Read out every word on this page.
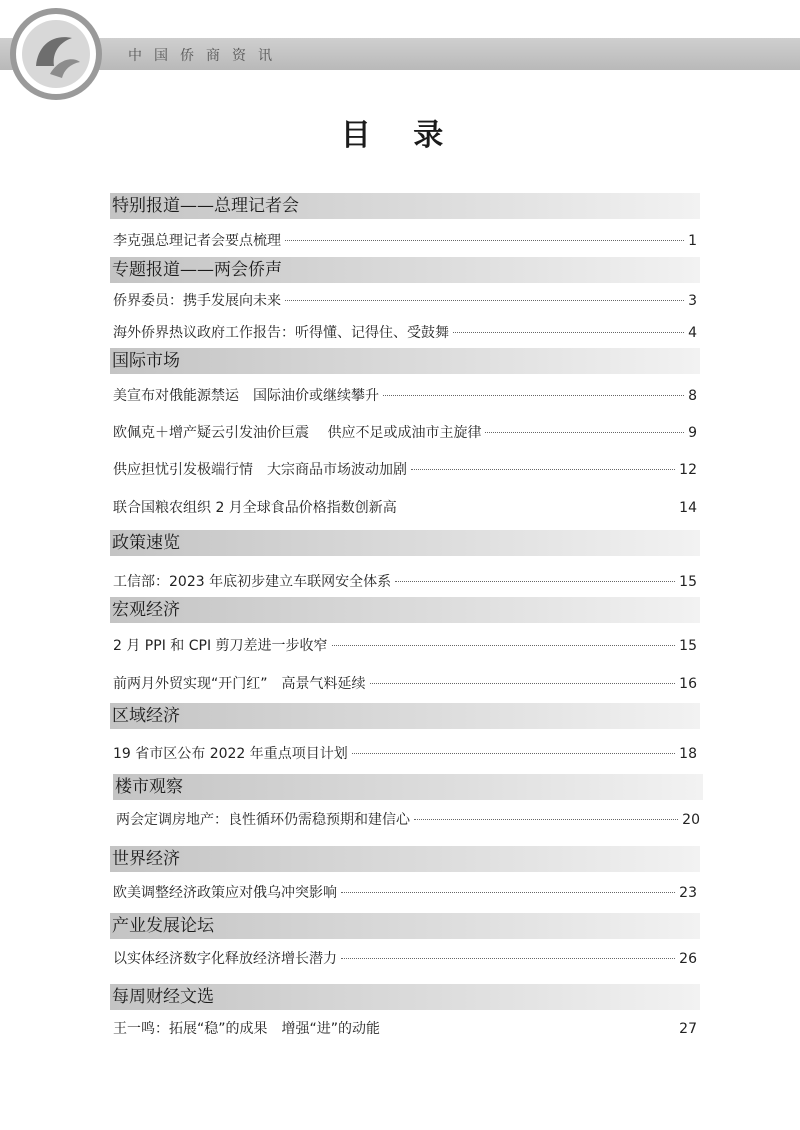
中国侨商资讯
目 录
特别报道——总理记者会
李克强总理记者会要点梳理	1
专题报道——两会侨声
侨界委员：携手发展向未来	3
海外侨界热议政府工作报告：听得懂、记得住、受鼓舞	4
国际市场
美宣布对俄能源禁运　国际油价或继续攀升	8
欧佩克＋增产疑云引发油价巨震　 供应不足或成油市主旋律	9
供应担忧引发极端行情　大宗商品市场波动加剧	12
联合国粮农组织 2 月全球食品价格指数创新高	14
政策速览
工信部：2023 年底初步建立车联网安全体系	15
宏观经济
2 月 PPI 和 CPI 剪刀差进一步收窄	15
前两月外贸实现“开门红”　高景气料延续	16
区域经济
19 省市区公布 2022 年重点项目计划	18
楼市观察
两会定调房地产：良性循环仍需稳预期和建信心	20
世界经济
欧美调整经济政策应对俄乌冲突影响	23
产业发展论坛
以实体经济数字化释放经济增长潜力	26
每周财经文选
王一鸣：拓展“稳”的成果　增强“进”的动能	27
